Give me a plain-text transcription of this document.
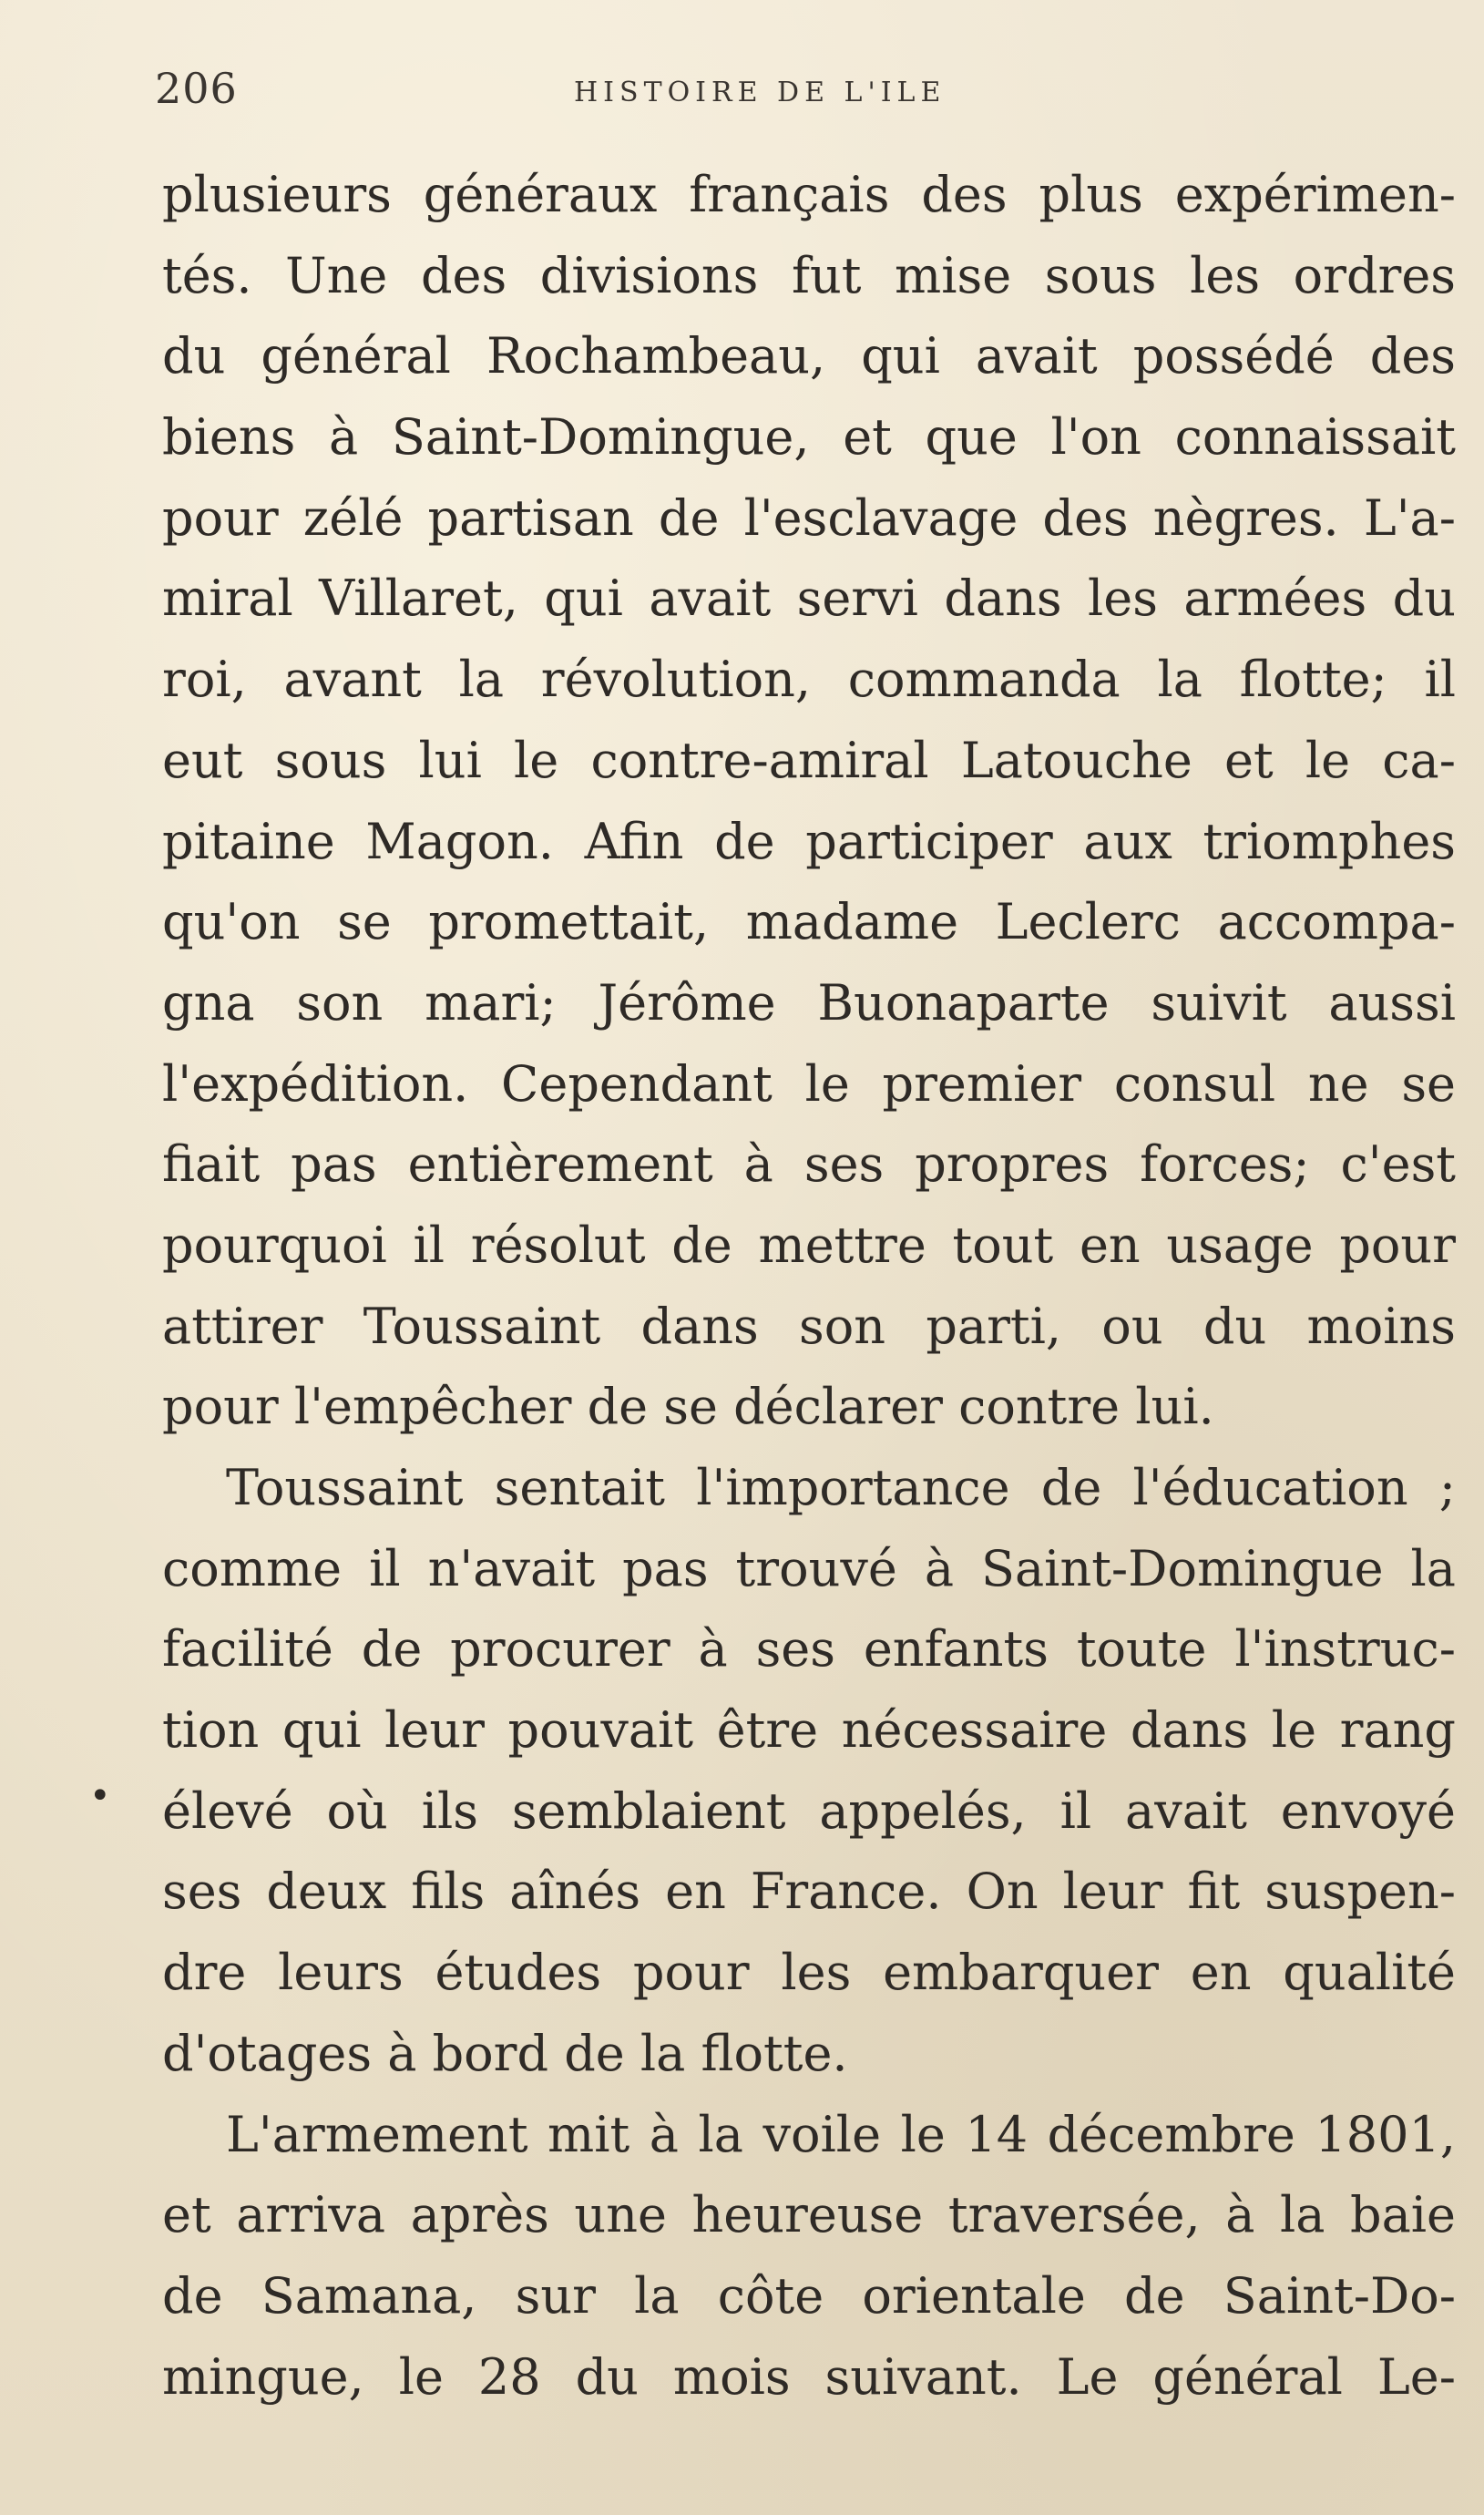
206	HISTOIRE DE L'ILE
•
plusieurs généraux français des plus expérimen-
tés. Une des divisions fut mise sous les ordres
du général Rochambeau, qui avait possédé des
biens à Saint-Domingue, et que l'on connaissait
pour zélé partisan de l'esclavage des nègres. L'a-
miral Villaret, qui avait servi dans les armées du
roi, avant la révolution, commanda la flotte; il
eut sous lui le contre-amiral Latouche et le ca-
pitaine Magon. Afin de participer aux triomphes
qu'on se promettait, madame Leclerc accompa-
gna son mari; Jérôme Buonaparte suivit aussi
l'expédition. Cependant le premier consul ne se
fiait pas entièrement à ses propres forces; c'est
pourquoi il résolut de mettre tout en usage pour
attirer Toussaint dans son parti, ou du moins
pour l'empêcher de se déclarer contre lui.
Toussaint sentait l'importance de l'éducation ;
comme il n'avait pas trouvé à Saint-Domingue la
facilité de procurer à ses enfants toute l'instruc-
tion qui leur pouvait être nécessaire dans le rang
élevé où ils semblaient appelés, il avait envoyé
ses deux fils aînés en France. On leur fit suspen-
dre leurs études pour les embarquer en qualité
d'otages à bord de la flotte.
L'armement mit à la voile le 14 décembre 1801,
et arriva après une heureuse traversée, à la baie
de Samana, sur la côte orientale de Saint-Do-
mingue, le 28 du mois suivant. Le général Le-
